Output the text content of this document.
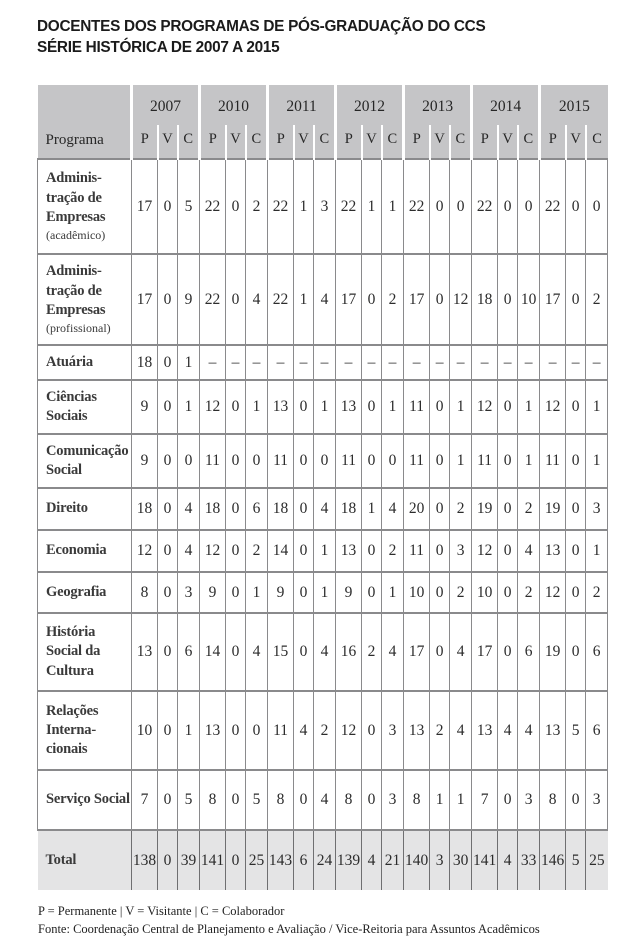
DOCENTES DOS PROGRAMAS DE PÓS-GRADUAÇÃO DO CCS
SÉRIE HISTÓRICA DE 2007 A 2015
Programa	2007			2010			2011			2012			2013			2014			2015		
	P	V	C	P	V	C	P	V	C	P	V	C	P	V	C	P	V	C	P	V	C

Adminis-
tração de
Empresas
(acadêmico)	17	0	5	22	0	2	22	1	3	22	1	1	22	0	0	22	0	0	22	0	0

Adminis-
tração de
Empresas
(profissional)	17	0	9	22	0	4	22	1	4	17	0	2	17	0	12	18	0	10	17	0	2

Atuária	18	0	1	–	–	–	–	–	–	–	–	–	–	–	–	–	–	–	–	–	–

Ciências
Sociais	9	0	1	12	0	1	13	0	1	13	0	1	11	0	1	12	0	1	12	0	1

Comunicação
Social	9	0	0	11	0	0	11	0	0	11	0	0	11	0	1	11	0	1	11	0	1

Direito	18	0	4	18	0	6	18	0	4	18	1	4	20	0	2	19	0	2	19	0	3

Economia	12	0	4	12	0	2	14	0	1	13	0	2	11	0	3	12	0	4	13	0	1

Geografia	8	0	3	9	0	1	9	0	1	9	0	1	10	0	2	10	0	2	12	0	2

História
Social da
Cultura	13	0	6	14	0	4	15	0	4	16	2	4	17	0	4	17	0	6	19	0	6

Relações
Interna-
cionais	10	0	1	13	0	0	11	4	2	12	0	3	13	2	4	13	4	4	13	5	6

Serviço Social	7	0	5	8	0	5	8	0	4	8	0	3	8	1	1	7	0	3	8	0	3
Total	138	0	39	141	0	25	143	6	24	139	4	21	140	3	30	141	4	33	146	5	25

P = Permanente | V = Visitante | C = Colaborador

Fonte: Coordenação Central de Planejamento e Avaliação / Vice-Reitoria para Assuntos Acadêmicos
